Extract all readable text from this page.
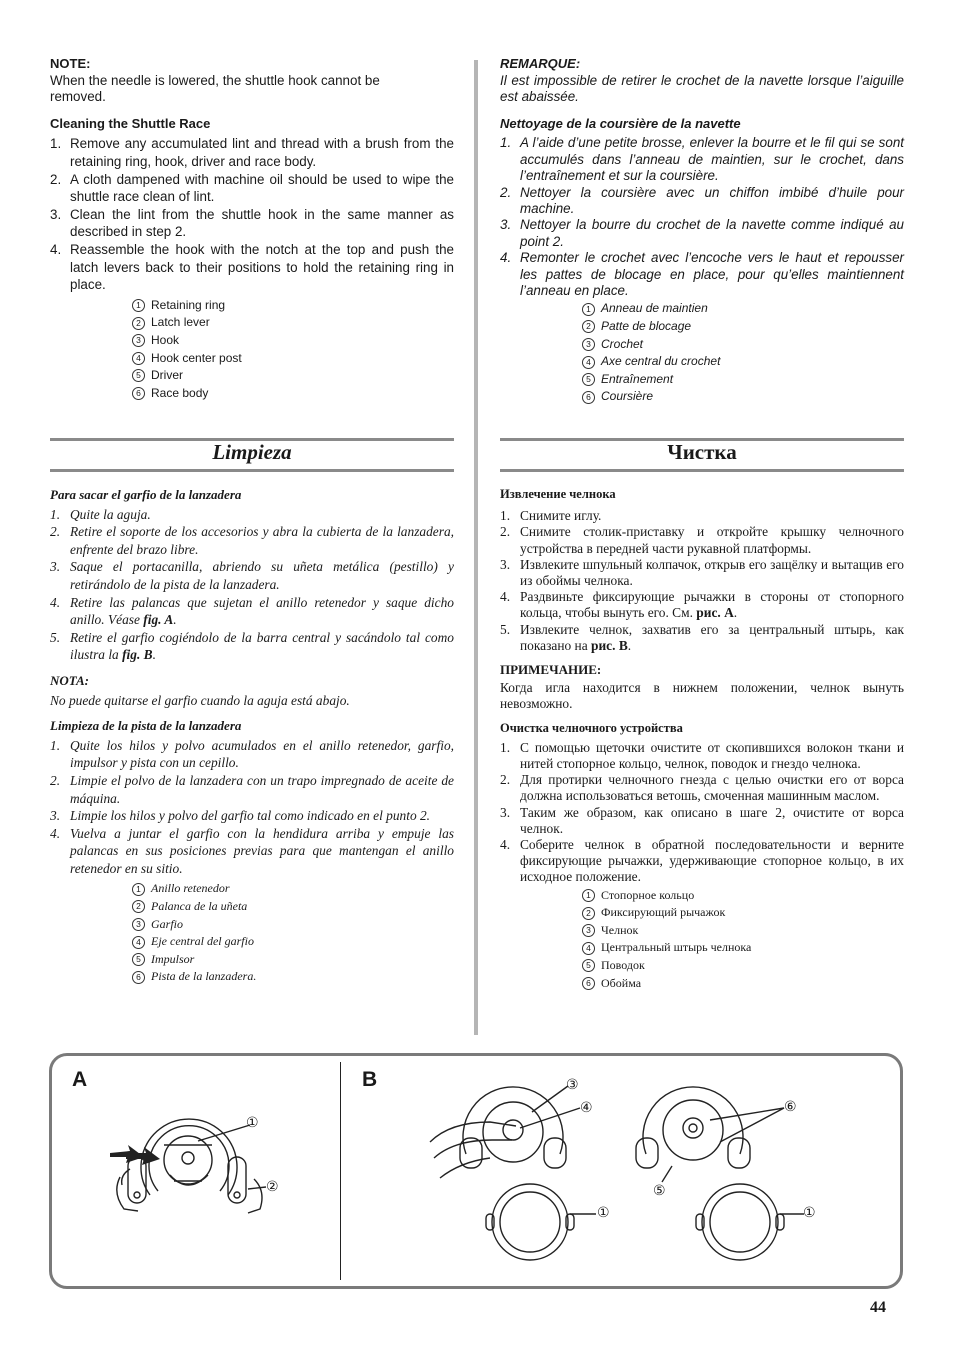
NOTE:

When the needle is lowered, the shuttle hook cannot be removed.

Cleaning the Shuttle Race

1. Remove any accumulated lint and thread with a brush from the retaining ring, hook, driver and race body.
2. A cloth dampened with machine oil should be used to wipe the shuttle race clean of lint.
3. Clean the lint from the shuttle hook in the same manner as described in step 2.
4. Reassemble the hook with the notch at the top and push the latch levers back to their positions to hold the retaining ring in place.
1 Retaining ring
2 Latch lever
3 Hook
4 Hook center post
5 Driver
6 Race body

REMARQUE:

Il est impossible de retirer le crochet de la navette lorsque l’aiguille est abaissée.

Nettoyage de la coursière de la navette

1. A l’aide d’une petite brosse, enlever la bourre et le fil qui se sont accumulés dans l’anneau de maintien, sur le crochet, dans l’entraînement et sur la coursière.
2. Nettoyer la coursière avec un chiffon imbibé d’huile pour machine.
3. Nettoyer la bourre du crochet de la navette comme indiqué au point 2.
4. Remonter le crochet avec l’encoche vers le haut et repousser les pattes de blocage en place, pour qu’elles maintiennent l’anneau en place.
1 Anneau de maintien
2 Patte de blocage
3 Crochet
4 Axe central du crochet
5 Entraînement
6 Coursière
Limpieza	Чистка

Para sacar el garfio de la lanzadera

1. Quite la aguja.
2. Retire el soporte de los accesorios y abra la cubierta de la lanzadera, enfrente del brazo libre.
3. Saque el portacanilla, abriendo su uñeta metálica (pestillo) y retirándolo de la pista de la lanzadera.
4. Retire las palancas que sujetan el anillo retenedor y saque dicho anillo. Véase fig. A.
5. Retire el garfio cogiéndolo de la barra central y sacándolo tal como ilustra la fig. B.

NOTA:

No puede quitarse el garfio cuando la aguja está abajo.

Limpieza de la pista de la lanzadera

1. Quite los hilos y polvo acumulados en el anillo retenedor, garfio, impulsor y pista con un cepillo.
2. Limpie el polvo de la lanzadera con un trapo impregnado de aceite de máquina.
3. Limpie los hilos y polvo del garfio tal como indicado en el punto 2.
4. Vuelva a juntar el garfio con la hendidura arriba y empuje las palancas en sus posiciones previas para que mantengan el anillo retenedor en su sitio.
1 Anillo retenedor
2 Palanca de la uñeta
3 Garfio
4 Eje central del garfio
5 Impulsor
6 Pista de la lanzadera.

Извлечение челнока

1. Снимите иглу.
2. Снимите столик-приставку и откройте крышку челночного устройства в передней части рукавной платформы.
3. Извлеките шпульный колпачок, открыв его защёлку и вытащив его из обоймы челнока.
4. Раздвиньте фиксирующие рычажки в стороны от стопорного кольца, чтобы вынуть его. См. рис. А.
5. Извлеките челнок, захватив его за центральный штырь, как показано на рис. В.

ПРИМЕЧАНИЕ:

Когда игла находится в нижнем положении, челнок вынуть невозможно.

Очистка челночного устройства

1. С помощью щеточки очистите от скопившихся волокон ткани и нитей стопорное кольцо, челнок, поводок и гнездо челнока.
2. Для протирки челночного гнезда с целью очистки его от ворса должна использоваться ветошь, смоченная машинным маслом.
3. Таким же образом, как описано в шаге 2, очистите от ворса челнок.
4. Соберите челнок в обратной последовательности и верните фиксирующие рычажки, удерживающие стопорное кольцо, в их исходное положение.
1 Стопорное кольцо
2 Фиксирующий рычажок
3 Челнок
4 Центральный штырь челнока
5 Поводок
6 Обойма
A	B
①
②
③
④
①
⑥
⑤
①
44
